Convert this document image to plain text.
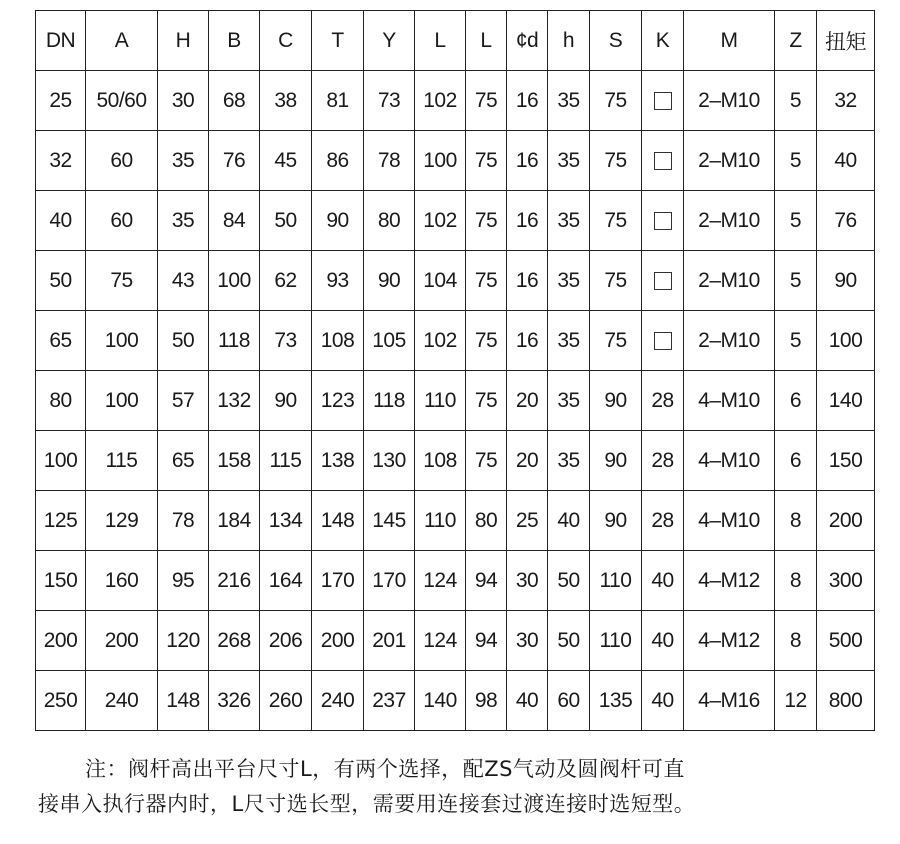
DN	A	H	B	C	T	Y	L	L	¢d	h	S	K	M	Z	扭矩
25	50/60	30	68	38	81	73	102	75	16	35	75		2–M10	5	32
32	60	35	76	45	86	78	100	75	16	35	75		2–M10	5	40
40	60	35	84	50	90	80	102	75	16	35	75		2–M10	5	76
50	75	43	100	62	93	90	104	75	16	35	75		2–M10	5	90
65	100	50	118	73	108	105	102	75	16	35	75		2–M10	5	100
80	100	57	132	90	123	118	110	75	20	35	90	28	4–M10	6	140
100	115	65	158	115	138	130	108	75	20	35	90	28	4–M10	6	150
125	129	78	184	134	148	145	110	80	25	40	90	28	4–M10	8	200
150	160	95	216	164	170	170	124	94	30	50	110	40	4–M12	8	300
200	200	120	268	206	200	201	124	94	30	50	110	40	4–M12	8	500
250	240	148	326	260	240	237	140	98	40	60	135	40	4–M16	12	800

注：阀杆高出平台尺寸L，有两个选择，配ZS气动及圆阀杆可直

接串入执行器内时，L尺寸选长型，需要用连接套过渡连接时选短型。
